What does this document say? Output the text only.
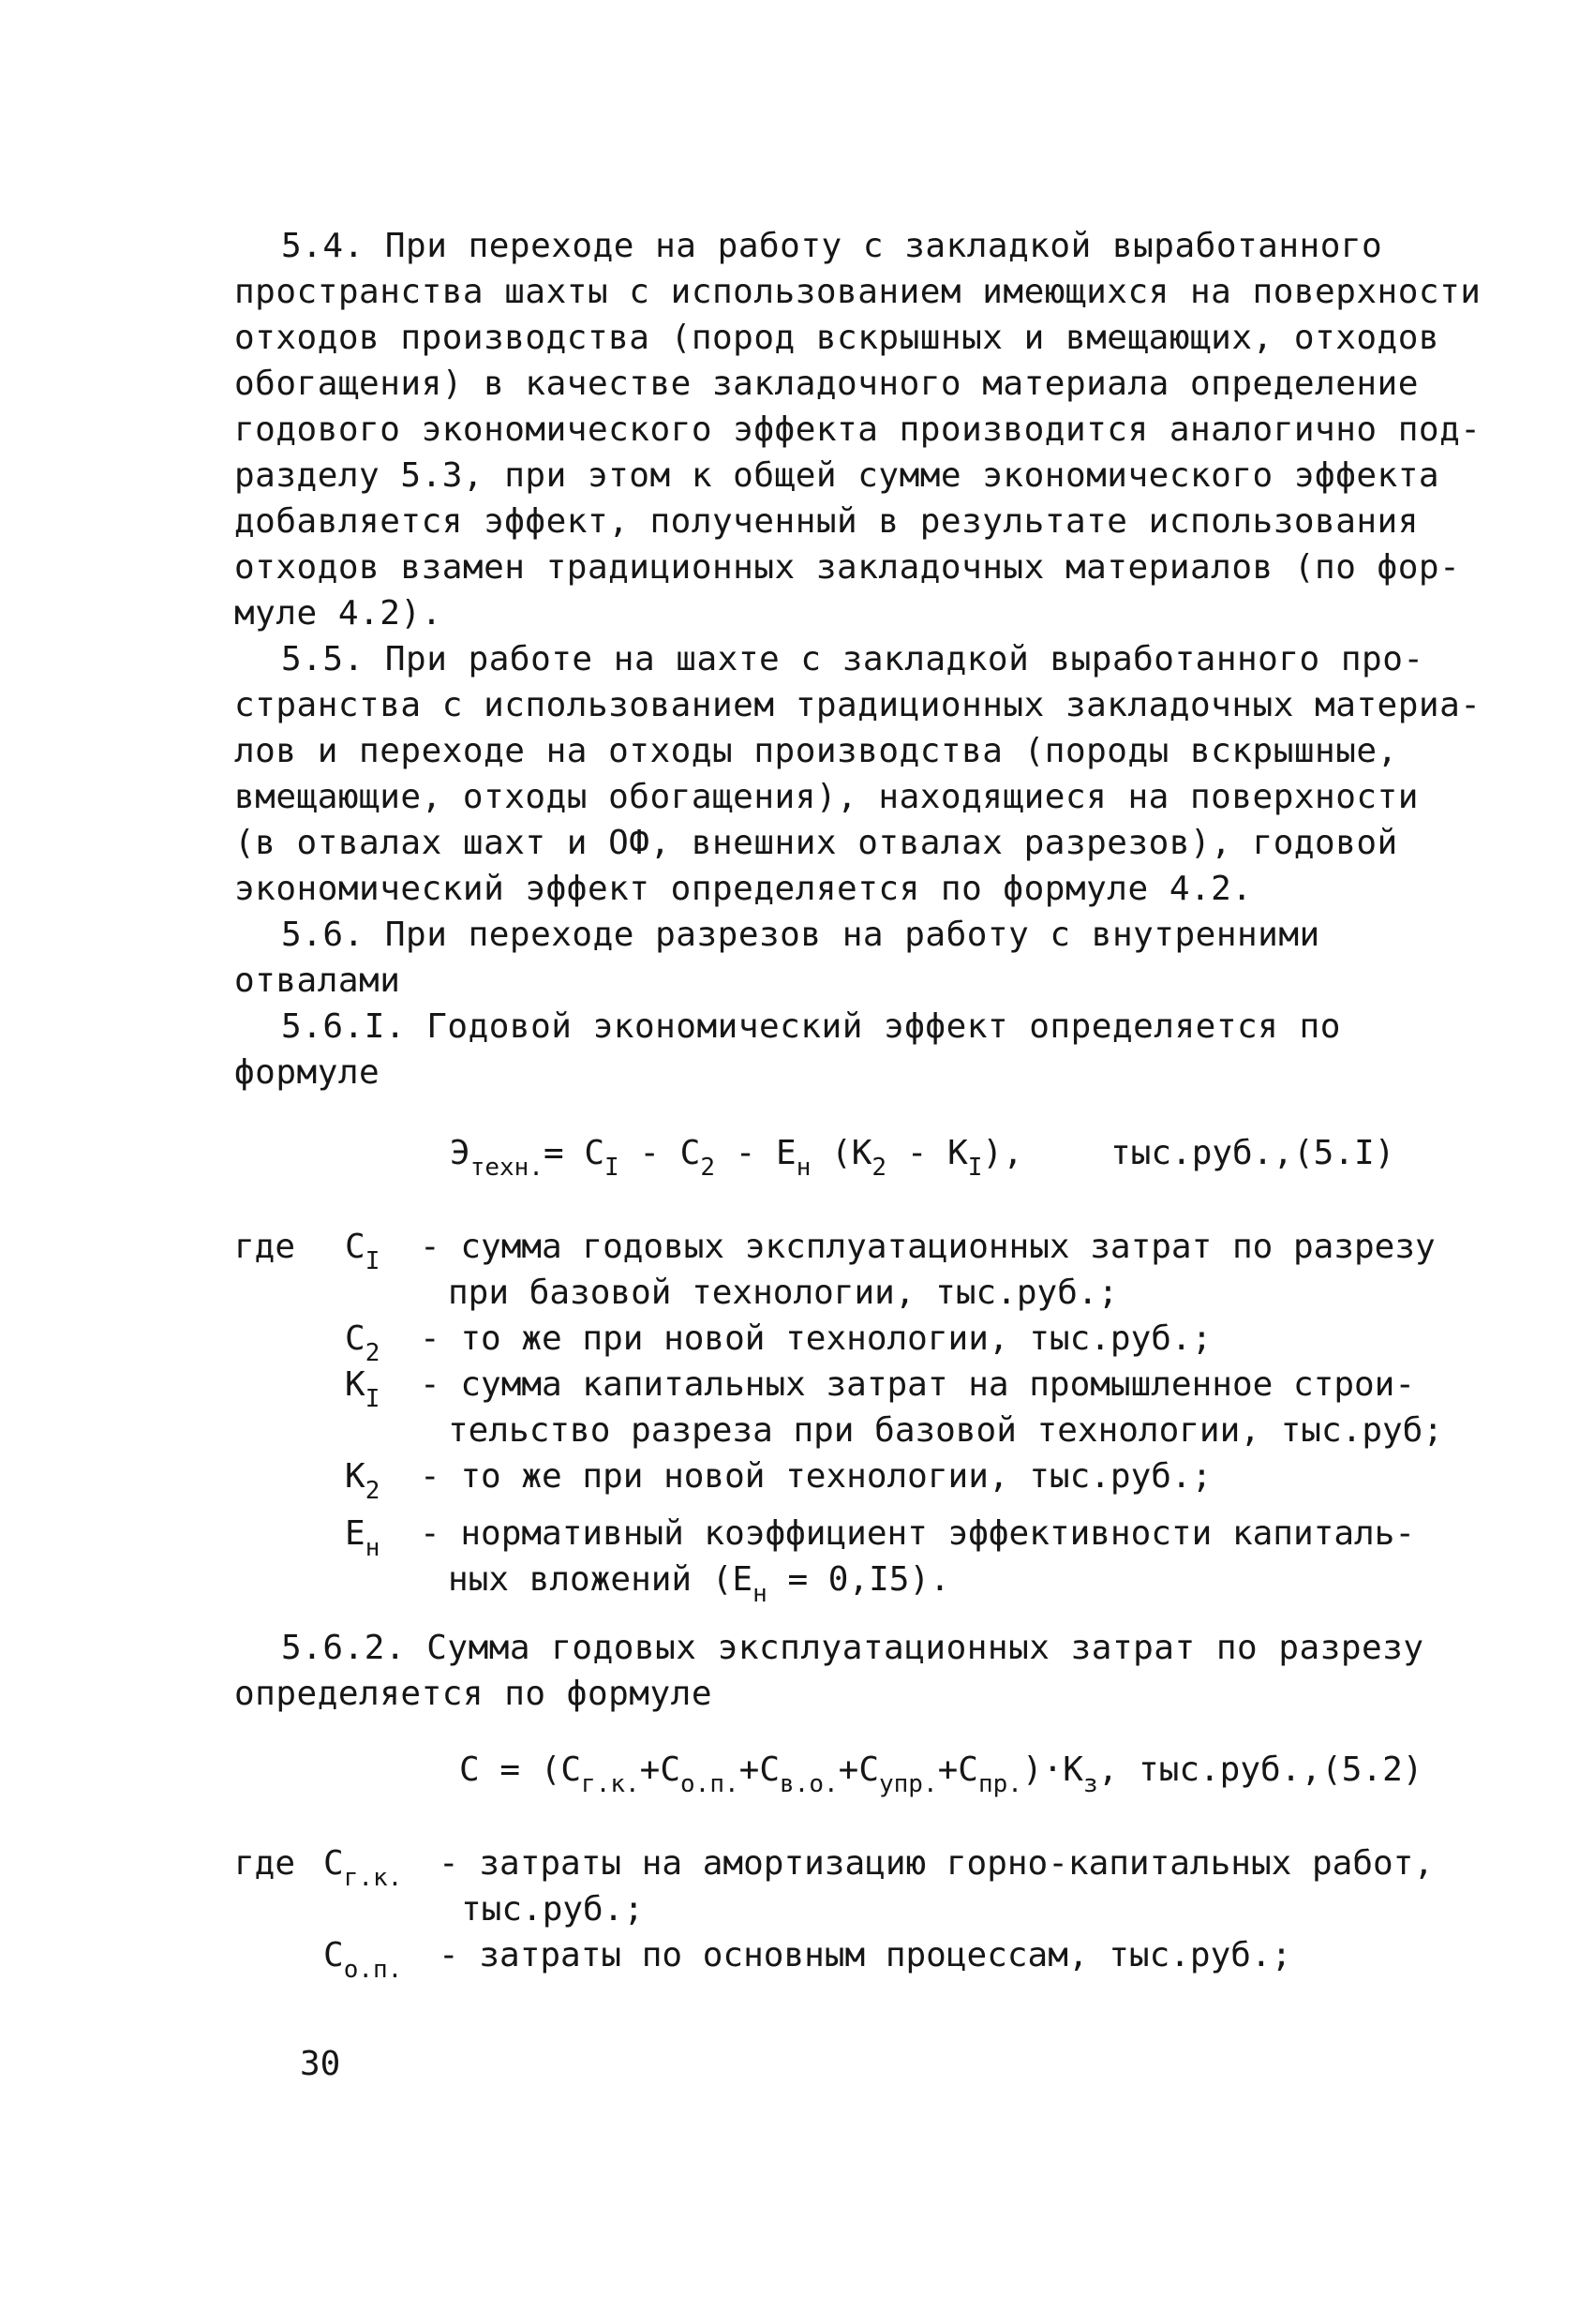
5.4. При переходе на работу с закладкой выработанного
пространства шахты с использованием имеющихся на поверхности
отходов производства (пород вскрышных и вмещающих, отходов
обогащения) в качестве закладочного материала определение
годового экономического эффекта производится аналогично под-
разделу 5.3, при этом к общей сумме экономического эффекта
добавляется эффект, полученный в результате использования
отходов взамен традиционных закладочных материалов (по фор-
муле 4.2).
5.5. При работе на шахте с закладкой выработанного про-
странства с использованием традиционных закладочных материа-
лов и переходе на отходы производства (породы вскрышные,
вмещающие, отходы обогащения), находящиеся на поверхности
(в отвалах шахт и ОФ, внешних отвалах разрезов), годовой
экономический эффект определяется по формуле 4.2.
5.6. При переходе разрезов на работу с внутренними
отвалами
5.6.I. Годовой экономический эффект определяется по
формуле
$Э_{техн.}= С_I - С_2 - Е_н$ $(К_2 - К_I)$,	тыс.руб., (5.I)
где $С_I$ - сумма годовых эксплуатационных затрат по разрезу
при базовой технологии, тыс.руб.;
$С_2$ - то же при новой технологии, тыс.руб.;
$К_I$ - сумма капитальных затрат на промышленное строи-
тельство разреза при базовой технологии, тыс.руб;
$К_2$ - то же при новой технологии, тыс.руб.;
$Е_н$ - нормативный коэффициент эффективности капиталь-
ных вложений $(Е_н = 0,I5)$.
5.6.2. Сумма годовых эксплуатационных затрат по разрезу
определяется по формуле
$С = (С_{г.к.}+С_{о.п.}+С_{в.о.}+С_{упр.}+С_{пр.})\cdot К_з$, тыс.руб.,(5.2)
где $С_{г.к.}$ - затраты на амортизацию горно-капитальных работ,
тыс.руб.;
$С_{о.п.}$ - затраты по основным процессам, тыс.руб.;
30
